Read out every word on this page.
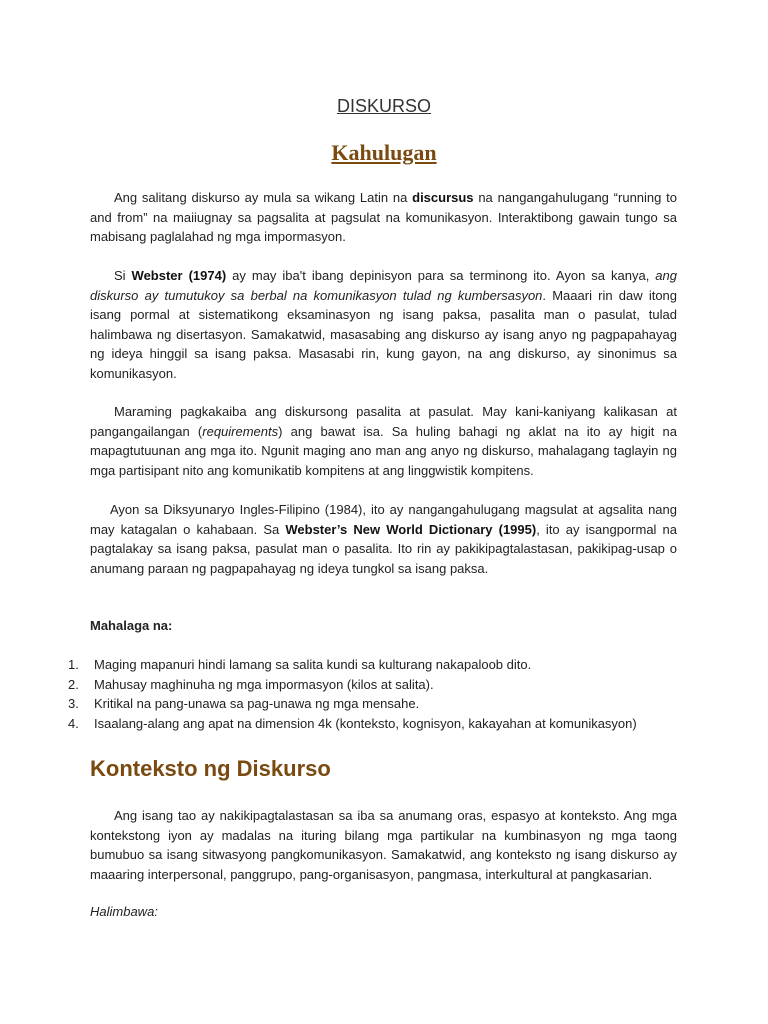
DISKURSO
Kahulugan

Ang salitang diskurso ay mula sa wikang Latin na discursus na nangangahulugang “running to and from” na maiiugnay sa pagsalita at pagsulat na komunikasyon. Interaktibong gawain tungo sa mabisang paglalahad ng mga impormasyon.

Si Webster (1974) ay may iba't ibang depinisyon para sa terminong ito. Ayon sa kanya, ang diskurso ay tumutukoy sa berbal na komunikasyon tulad ng kumbersasyon. Maaari rin daw itong isang pormal at sistematikong eksaminasyon ng isang paksa, pasalita man o pasulat, tulad halimbawa ng disertasyon. Samakatwid, masasabing ang diskurso ay isang anyo ng pagpapahayag ng ideya hinggil sa isang paksa. Masasabi rin, kung gayon, na ang diskurso, ay sinonimus sa komunikasyon.

Maraming pagkakaiba ang diskursong pasalita at pasulat. May kani-kaniyang kalikasan at pangangailangan (requirements) ang bawat isa. Sa huling bahagi ng aklat na ito ay higit na mapagtutuunan ang mga ito. Ngunit maging ano man ang anyo ng diskurso, mahalagang taglayin ng mga partisipant nito ang komunikatib kompitens at ang linggwistik kompitens.

Ayon sa Diksyunaryo Ingles-Filipino (1984), ito ay nangangahulugang magsulat at agsalita nang may katagalan o kahabaan. Sa Webster’s New World Dictionary (1995), ito ay isangpormal na pagtalakay sa isang paksa, pasulat man o pasalita. Ito rin ay pakikipagtalastasan, pakikipag-usap o anumang paraan ng pagpapahayag ng ideya tungkol sa isang paksa.

Mahalaga na:
1.	Maging mapanuri hindi lamang sa salita kundi sa kulturang nakapaloob dito.
2.	Mahusay maghinuha ng mga impormasyon (kilos at salita).
3.	Kritikal na pang-unawa sa pag-unawa ng mga mensahe.
4.	Isaalang-alang ang apat na dimension 4k (konteksto, kognisyon, kakayahan at komunikasyon)
Konteksto ng Diskurso

Ang isang tao ay nakikipagtalastasan sa iba sa anumang oras, espasyo at konteksto. Ang mga kontekstong iyon ay madalas na ituring bilang mga partikular na kumbinasyon ng mga taong bumubuo sa isang sitwasyong pangkomunikasyon. Samakatwid, ang konteksto ng isang diskurso ay maaaring interpersonal, panggrupo, pang-organisasyon, pangmasa, interkultural at pangkasarian.

Halimbawa:
